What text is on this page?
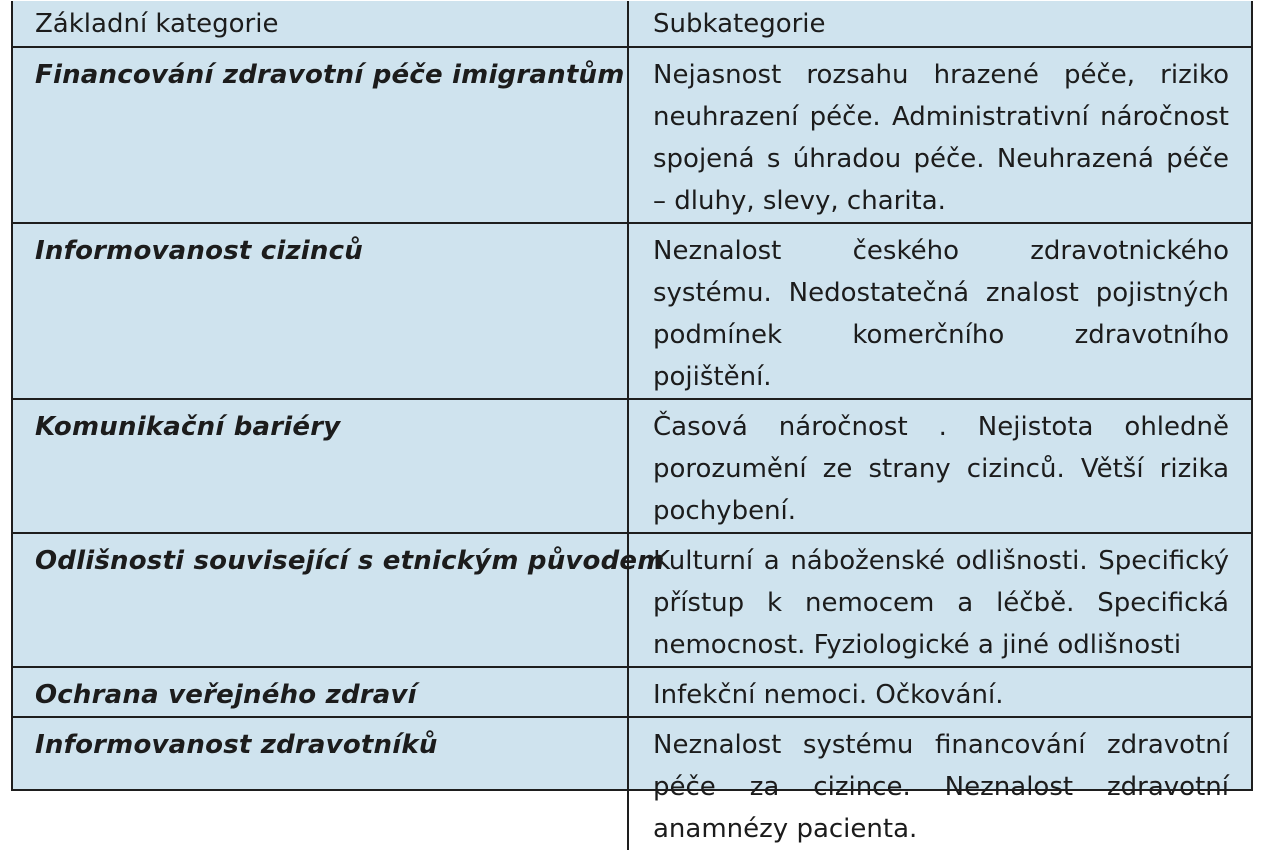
Základní kategorie	Subkategorie
Financování zdravotní péče imigrantům	Nejasnost rozsahu hrazené péče, riziko neuhrazení péče. Administrativní náročnost spojená s úhradou péče. Neuhrazená péče – dluhy, slevy, charita.
Informovanost cizinců	Neznalost českého zdravotnického systému. Nedostatečná znalost pojistných podmínek komerčního zdravotního pojištění.
Komunikační bariéry	Časová náročnost . Nejistota ohledně porozumění ze strany cizinců. Větší rizika pochybení.
Odlišnosti související s etnickým původem	Kulturní a náboženské odlišnosti. Specifický přístup k nemocem a léčbě. Specifická nemocnost. Fyziologické a jiné odlišnosti
Ochrana veřejného zdraví	Infekční nemoci. Očkování.
Informovanost zdravotníků	Neznalost systému financování zdravotní péče za cizince. Neznalost zdravotní anamnézy pacienta.
